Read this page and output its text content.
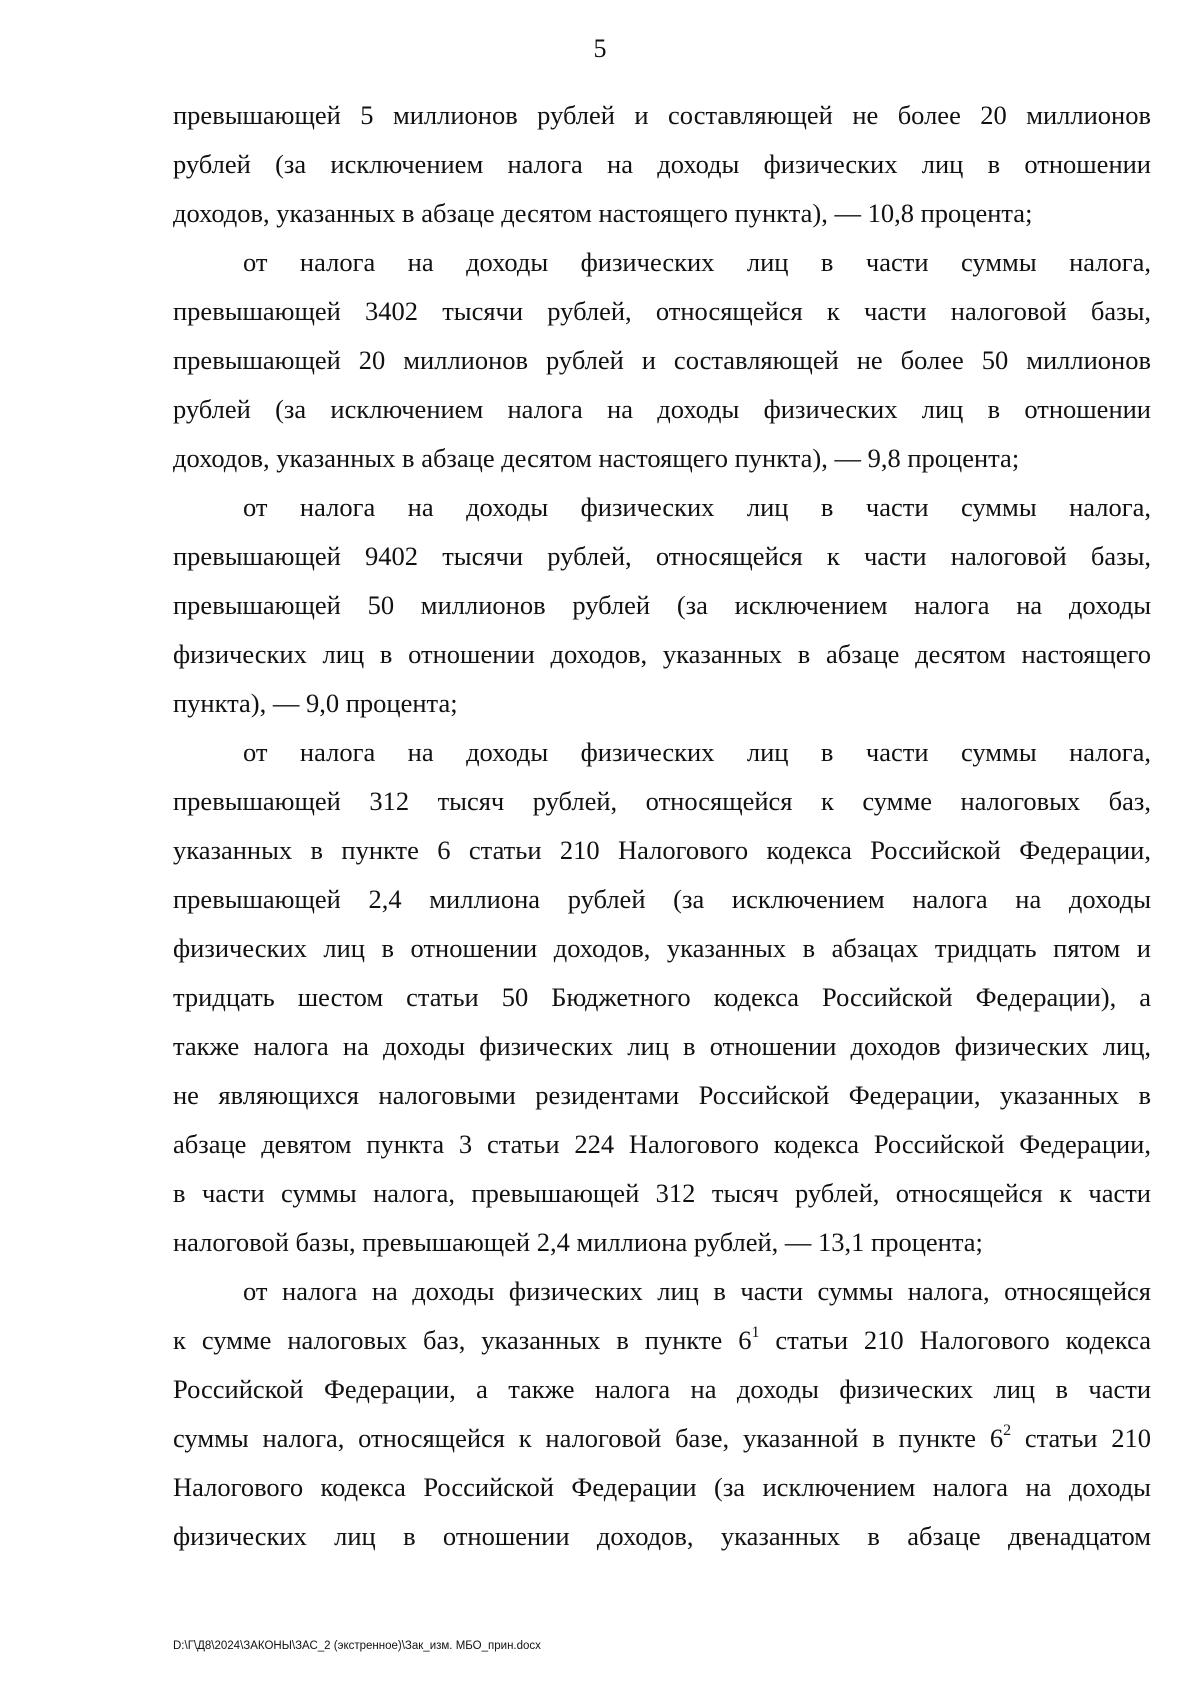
5
превышающей 5 миллионов рублей и составляющей не более 20 миллионов
рублей (за исключением налога на доходы физических лиц в отношении
доходов, указанных в абзаце десятом настоящего пункта), — 10,8 процента;
от налога на доходы физических лиц в части суммы налога,
превышающей 3402 тысячи рублей, относящейся к части налоговой базы,
превышающей 20 миллионов рублей и составляющей не более 50 миллионов
рублей (за исключением налога на доходы физических лиц в отношении
доходов, указанных в абзаце десятом настоящего пункта), — 9,8 процента;
от налога на доходы физических лиц в части суммы налога,
превышающей 9402 тысячи рублей, относящейся к части налоговой базы,
превышающей 50 миллионов рублей (за исключением налога на доходы
физических лиц в отношении доходов, указанных в абзаце десятом настоящего
пункта), — 9,0 процента;
от налога на доходы физических лиц в части суммы налога,
превышающей 312 тысяч рублей, относящейся к сумме налоговых баз,
указанных в пункте 6 статьи 210 Налогового кодекса Российской Федерации,
превышающей 2,4 миллиона рублей (за исключением налога на доходы
физических лиц в отношении доходов, указанных в абзацах тридцать пятом и
тридцать шестом статьи 50 Бюджетного кодекса Российской Федерации), а
также налога на доходы физических лиц в отношении доходов физических лиц,
не являющихся налоговыми резидентами Российской Федерации, указанных в
абзаце девятом пункта 3 статьи 224 Налогового кодекса Российской Федерации,
в части суммы налога, превышающей 312 тысяч рублей, относящейся к части
налоговой базы, превышающей 2,4 миллиона рублей, — 13,1 процента;
от налога на доходы физических лиц в части суммы налога, относящейся
к сумме налоговых баз, указанных в пункте $6^1$ статьи 210 Налогового кодекса
Российской Федерации, а также налога на доходы физических лиц в части
суммы налога, относящейся к налоговой базе, указанной в пункте $6^2$ статьи 210
Налогового кодекса Российской Федерации (за исключением налога на доходы
физических лиц в отношении доходов, указанных в абзаце двенадцатом
D:\Г\Д8\2024\ЗАКОНЫ\ЗАС_2 (экстренное)\Зак_изм. МБО_прин.docx
